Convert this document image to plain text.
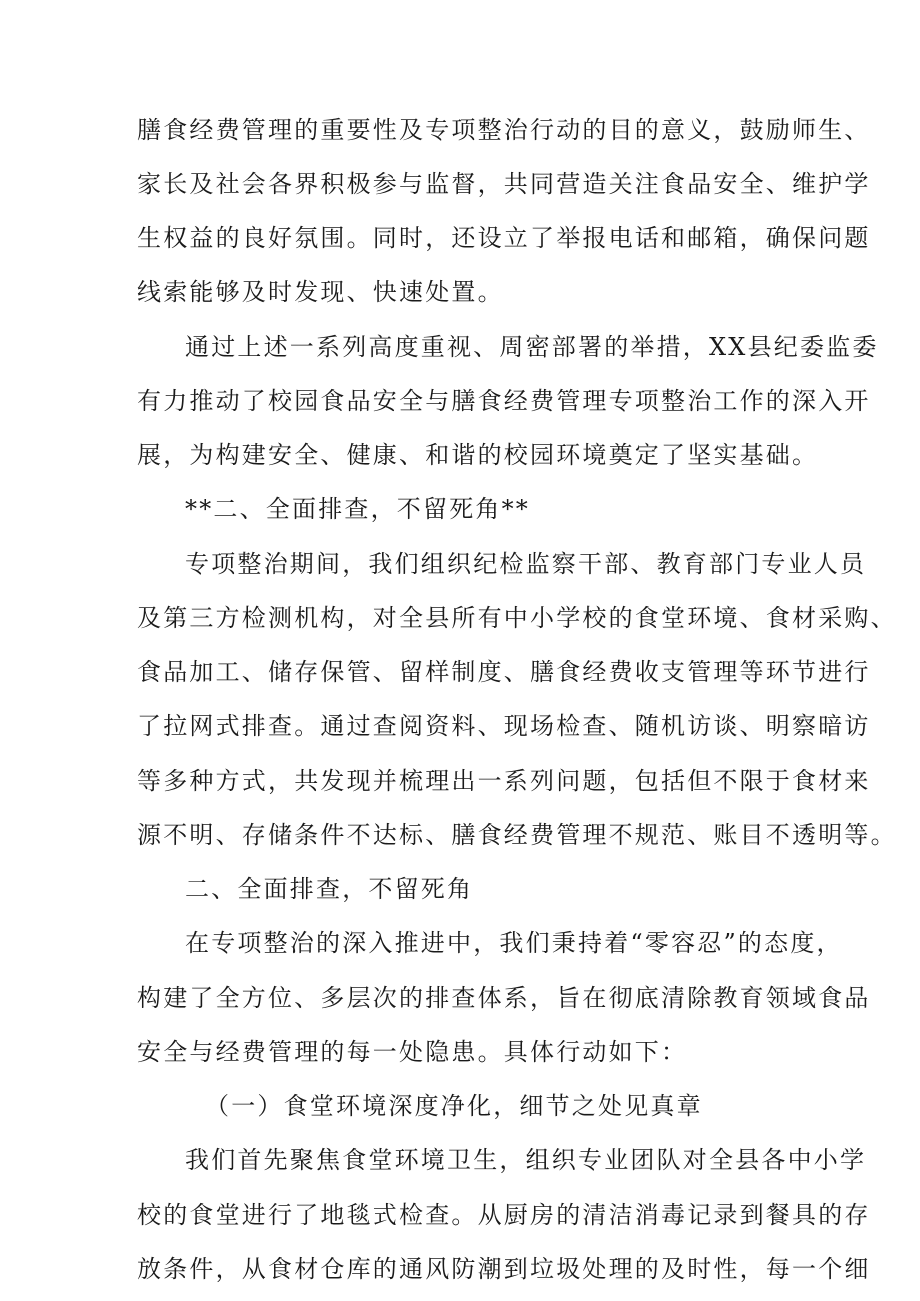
膳食经费管理的重要性及专项整治行动的目的意义，鼓励师生、
家长及社会各界积极参与监督，共同营造关注食品安全、维护学
生权益的良好氛围。同时，还设立了举报电话和邮箱，确保问题
线索能够及时发现、快速处置。
通过上述一系列高度重视、周密部署的举措，XX县纪委监委
有力推动了校园食品安全与膳食经费管理专项整治工作的深入开
展，为构建安全、健康、和谐的校园环境奠定了坚实基础。
**二、全面排查，不留死角**
专项整治期间，我们组织纪检监察干部、教育部门专业人员
及第三方检测机构，对全县所有中小学校的食堂环境、食材采购、
食品加工、储存保管、留样制度、膳食经费收支管理等环节进行
了拉网式排查。通过查阅资料、现场检查、随机访谈、明察暗访
等多种方式，共发现并梳理出一系列问题，包括但不限于食材来
源不明、存储条件不达标、膳食经费管理不规范、账目不透明等。
二、全面排查，不留死角
在专项整治的深入推进中，我们秉持着“零容忍”的态度，
构建了全方位、多层次的排查体系，旨在彻底清除教育领域食品
安全与经费管理的每一处隐患。具体行动如下：
（一）食堂环境深度净化，细节之处见真章
我们首先聚焦食堂环境卫生，组织专业团队对全县各中小学
校的食堂进行了地毯式检查。从厨房的清洁消毒记录到餐具的存
放条件，从食材仓库的通风防潮到垃圾处理的及时性，每一个细
